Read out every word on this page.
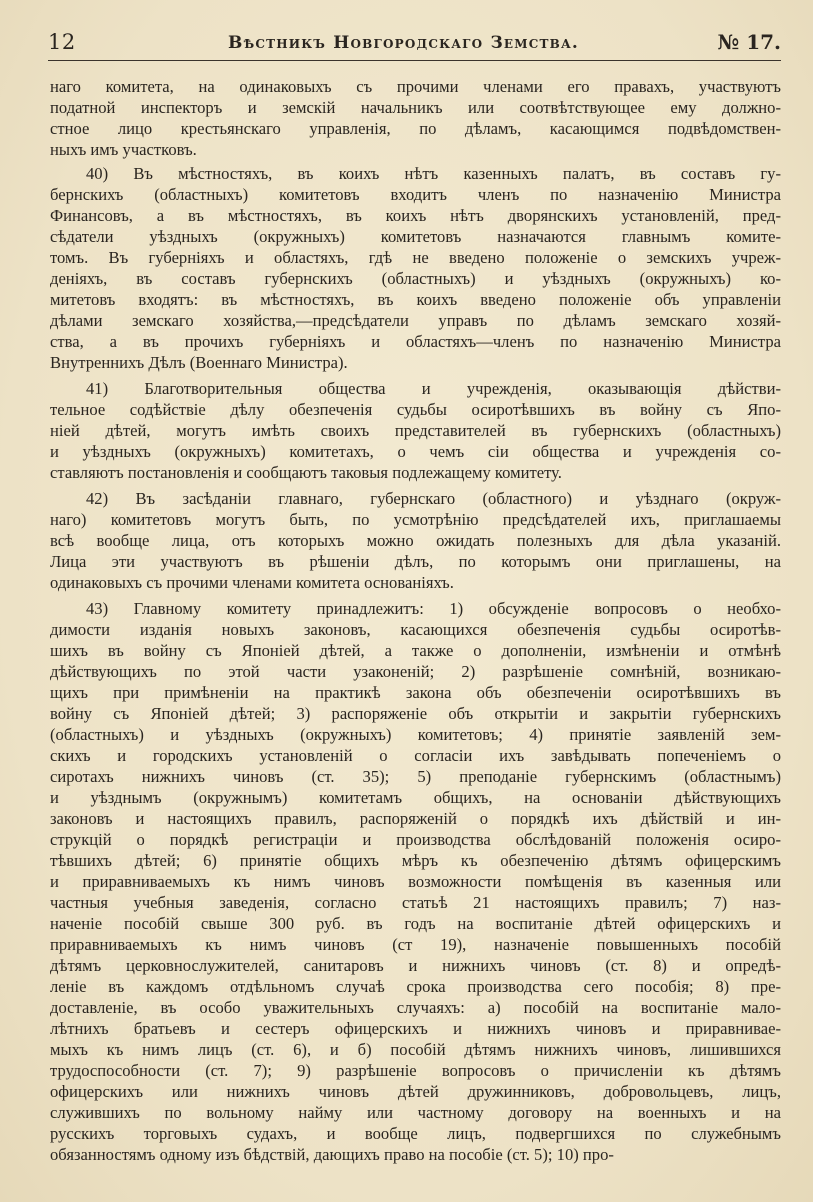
12	Вѣстникъ Новгородскаго Земства.	№ 17.
наго комитета, на одинаковыхъ съ прочими членами его правахъ, участвуютъ
податной инспекторъ и земскій начальникъ или соотвѣтствующее ему должно-
стное лицо крестьянскаго управленія, по дѣламъ, касающимся подвѣдомствен-
ныхъ имъ участковъ.
40) Въ мѣстностяхъ, въ коихъ нѣтъ казенныхъ палатъ, въ составъ гу-
бернскихъ (областныхъ) комитетовъ входитъ членъ по назначенію Министра
Финансовъ, а въ мѣстностяхъ, въ коихъ нѣтъ дворянскихъ установленій, пред-
сѣдатели уѣздныхъ (окружныхъ) комитетовъ назначаются главнымъ комите-
томъ. Въ губерніяхъ и областяхъ, гдѣ не введено положеніе о земскихъ учреж-
деніяхъ, въ составъ губернскихъ (областныхъ) и уѣздныхъ (окружныхъ) ко-
митетовъ входятъ: въ мѣстностяхъ, въ коихъ введено положеніе объ управленіи
дѣлами земскаго хозяйства,—предсѣдатели управъ по дѣламъ земскаго хозяй-
ства, а въ прочихъ губерніяхъ и областяхъ—членъ по назначенію Министра
Внутреннихъ Дѣлъ (Военнаго Министра).
41) Благотворительныя общества и учрежденія, оказывающія дѣйстви-
тельное содѣйствіе дѣлу обезпеченія судьбы осиротѣвшихъ въ войну съ Япо-
ніей дѣтей, могутъ имѣть своихъ представителей въ губернскихъ (областныхъ)
и уѣздныхъ (окружныхъ) комитетахъ, о чемъ сіи общества и учрежденія со-
ставляютъ постановленія и сообщаютъ таковыя подлежащему комитету.
42) Въ засѣданіи главнаго, губернскаго (областного) и уѣзднаго (окруж-
наго) комитетовъ могутъ быть, по усмотрѣнію предсѣдателей ихъ, приглашаемы
всѣ вообще лица, отъ которыхъ можно ожидать полезныхъ для дѣла указаній.
Лица эти участвуютъ въ рѣшеніи дѣлъ, по которымъ они приглашены, на
одинаковыхъ съ прочими членами комитета основаніяхъ.
43) Главному комитету принадлежитъ: 1) обсужденіе вопросовъ о необхо-
димости изданія новыхъ законовъ, касающихся обезпеченія судьбы осиротѣв-
шихъ въ войну съ Японіей дѣтей, а также о дополненіи, измѣненіи и отмѣнѣ
дѣйствующихъ по этой части узаконеній; 2) разрѣшеніе сомнѣній, возникаю-
щихъ при примѣненіи на практикѣ закона объ обезпеченіи осиротѣвшихъ въ
войну съ Японіей дѣтей; 3) распоряженіе объ открытіи и закрытіи губернскихъ
(областныхъ) и уѣздныхъ (окружныхъ) комитетовъ; 4) принятіе заявленій зем-
скихъ и городскихъ установленій о согласіи ихъ завѣдывать попеченіемъ о
сиротахъ нижнихъ чиновъ (ст. 35); 5) преподаніе губернскимъ (областнымъ)
и уѣзднымъ (окружнымъ) комитетамъ общихъ, на основаніи дѣйствующихъ
законовъ и настоящихъ правилъ, распоряженій о порядкѣ ихъ дѣйствій и ин-
струкцій о порядкѣ регистраціи и производства обслѣдованій положенія осиро-
тѣвшихъ дѣтей; 6) принятіе общихъ мѣръ къ обезпеченію дѣтямъ офицерскимъ
и приравниваемыхъ къ нимъ чиновъ возможности помѣщенія въ казенныя или
частныя учебныя заведенія, согласно статьѣ 21 настоящихъ правилъ; 7) наз-
наченіе пособій свыше 300 руб. въ годъ на воспитаніе дѣтей офицерскихъ и
приравниваемыхъ къ нимъ чиновъ (ст 19), назначеніе повышенныхъ пособій
дѣтямъ церковнослужителей, санитаровъ и нижнихъ чиновъ (ст. 8) и опредѣ-
леніе въ каждомъ отдѣльномъ случаѣ срока производства сего пособія; 8) пре-
доставленіе, въ особо уважительныхъ случаяхъ: а) пособій на воспитаніе мало-
лѣтнихъ братьевъ и сестеръ офицерскихъ и нижнихъ чиновъ и приравнивае-
мыхъ къ нимъ лицъ (ст. 6), и б) пособій дѣтямъ нижнихъ чиновъ, лишившихся
трудоспособности (ст. 7); 9) разрѣшеніе вопросовъ о причисленіи къ дѣтямъ
офицерскихъ или нижнихъ чиновъ дѣтей дружинниковъ, добровольцевъ, лицъ,
служившихъ по вольному найму или частному договору на военныхъ и на
русскихъ торговыхъ судахъ, и вообще лицъ, подвергшихся по служебнымъ
обязанностямъ одному изъ бѣдствій, дающихъ право на пособіе (ст. 5); 10) про-
